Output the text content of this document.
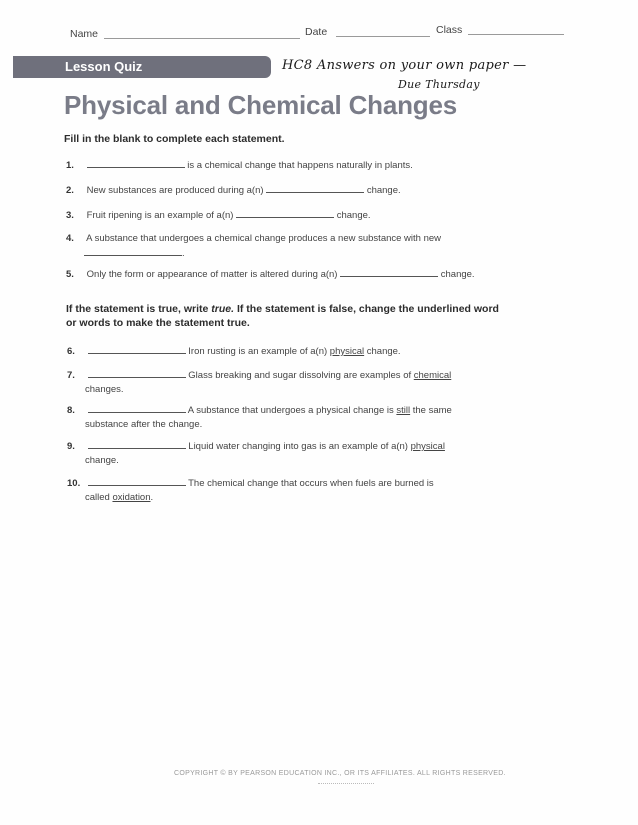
Name	Date	Class
Lesson Quiz	HC8 Answers on your own paper —
Due Thursday
Physical and Chemical Changes
Fill in the blank to complete each statement.
1.	is a chemical change that happens naturally in plants.
2. New substances are produced during a(n)	change.
3. Fruit ripening is an example of a(n)	change.
4. A substance that undergoes a chemical change produces a new substance with new
.
5. Only the form or appearance of matter is altered during a(n)	change.
If the statement is true, write true. If the statement is false, change the underlined word
or words to make the statement true.
6.	Iron rusting is an example of a(n) physical change.
7.	Glass breaking and sugar dissolving are examples of chemical
changes.
8.	A substance that undergoes a physical change is still the same
substance after the change.
9.	Liquid water changing into gas is an example of a(n) physical
change.
10.	The chemical change that occurs when fuels are burned is
called oxidation.
COPYRIGHT © BY PEARSON EDUCATION INC., OR ITS AFFILIATES. ALL RIGHTS RESERVED.
